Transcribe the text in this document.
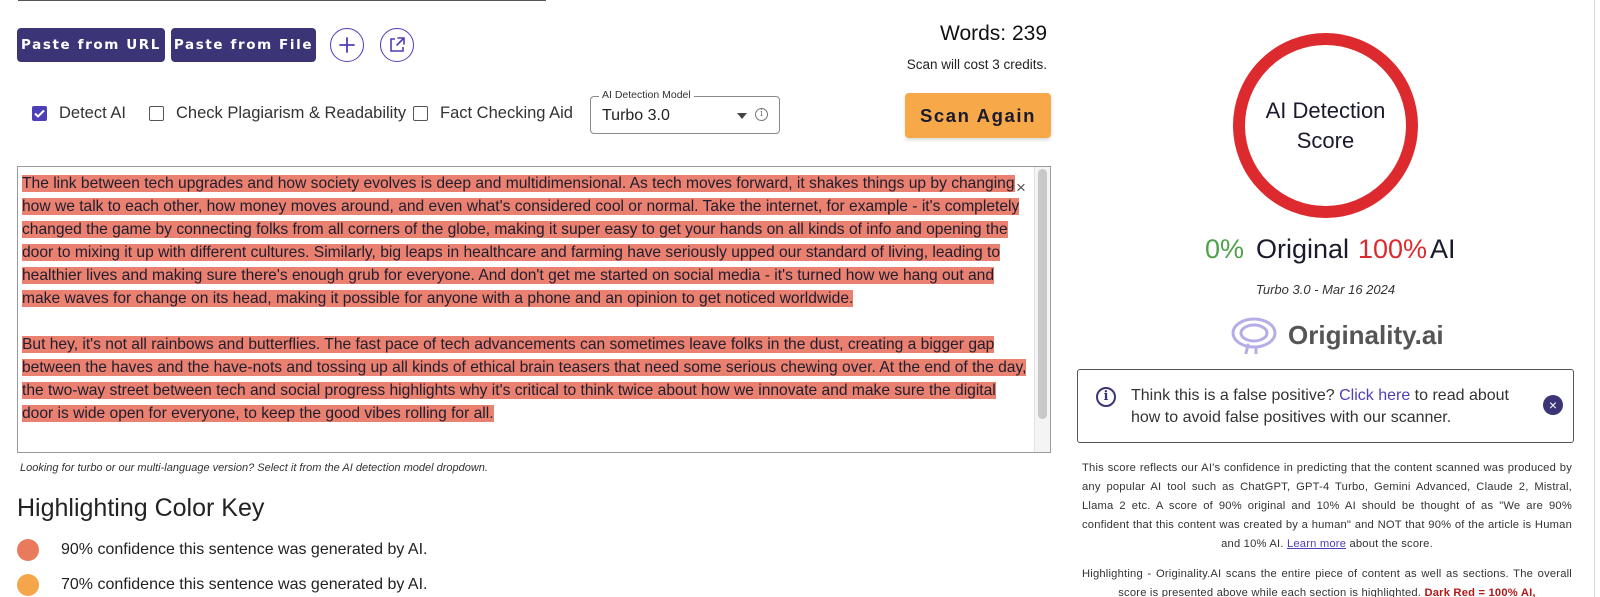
Paste from URL Paste from File	Words: 239
Scan will cost 3 credits.
Detect AI	Check Plagiarism & Readability Fact Checking Aid
AI Detection Model
Turbo 3.0	i	Scan Again

The link between tech upgrades and how society evolves is deep and multidimensional. As tech moves forward, it shakes things up by changing how we talk to each other, how money moves around, and even what's considered cool or normal. Take the internet, for example - it's completely changed the game by connecting folks from all corners of the globe, making it super easy to get your hands on all kinds of info and opening the door to mixing it up with different cultures. Similarly, big leaps in healthcare and farming have seriously upped our standard of living, leading to healthier lives and making sure there's enough grub for everyone. And don't get me started on social media - it's turned how we hang out and make waves for change on its head, making it possible for anyone with a phone and an opinion to get noticed worldwide.

But hey, it's not all rainbows and butterflies. The fast pace of tech advancements can sometimes leave folks in the dust, creating a bigger gap between the haves and the have-nots and tossing up all kinds of ethical brain teasers that need some serious chewing over. At the end of the day, the two-way street between tech and social progress highlights why it's critical to think twice about how we innovate and make sure the digital door is wide open for everyone, to keep the good vibes rolling for all.

×
Looking for turbo or our multi-language version? Select it from the AI detection model dropdown.
Highlighting Color Key
90% confidence this sentence was generated by AI.
70% confidence this sentence was generated by AI.
AI Detection
Score
0% Original 100% AI
Turbo 3.0 - Mar 16 2024
Originality.ai
i	Think this is a false positive? Click here to read about how to avoid false positives with our scanner.
×
This score reflects our AI's confidence in predicting that the content scanned was produced by any popular AI tool such as ChatGPT, GPT-4 Turbo, Gemini Advanced, Claude 2, Mistral, Llama 2 etc. A score of 90% original and 10% AI should be thought of as "We are 90% confident that this content was created by a human" and NOT that 90% of the article is Human and 10% AI. Learn more about the score.
Highlighting - Originality.AI scans the entire piece of content as well as sections. The overall score is presented above while each section is highlighted. Dark Red = 100% AI,
